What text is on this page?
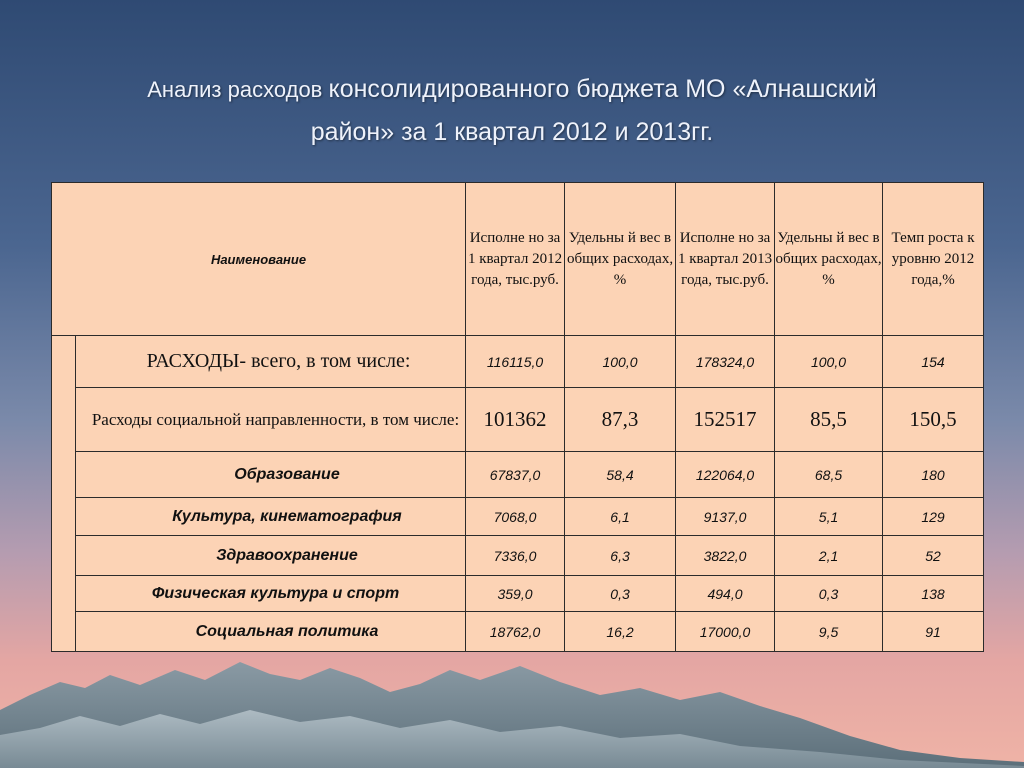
Анализ расходов консолидированного бюджета МО «Алнашский
район» за 1 квартал 2012 и 2013гг.
Наименование		Исполне но за 1 квартал 2012 года, тыс.руб.	Удельны й вес в общих расходах, %	Исполне но за 1 квартал 2013 года, тыс.руб.	Удельны й вес в общих расходах, %	Темп роста к уровню 2012 года,%
	РАСХОДЫ- всего, в том числе:	116115,0	100,0	178324,0	100,0	154
	Расходы социальной направленности, в том числе:	101362	87,3	152517	85,5	150,5
	Образование	67837,0	58,4	122064,0	68,5	180
	Культура, кинематография	7068,0	6,1	9137,0	5,1	129
	Здравоохранение	7336,0	6,3	3822,0	2,1	52
	Физическая культура и спорт	359,0	0,3	494,0	0,3	138
	Социальная политика	18762,0	16,2	17000,0	9,5	91
